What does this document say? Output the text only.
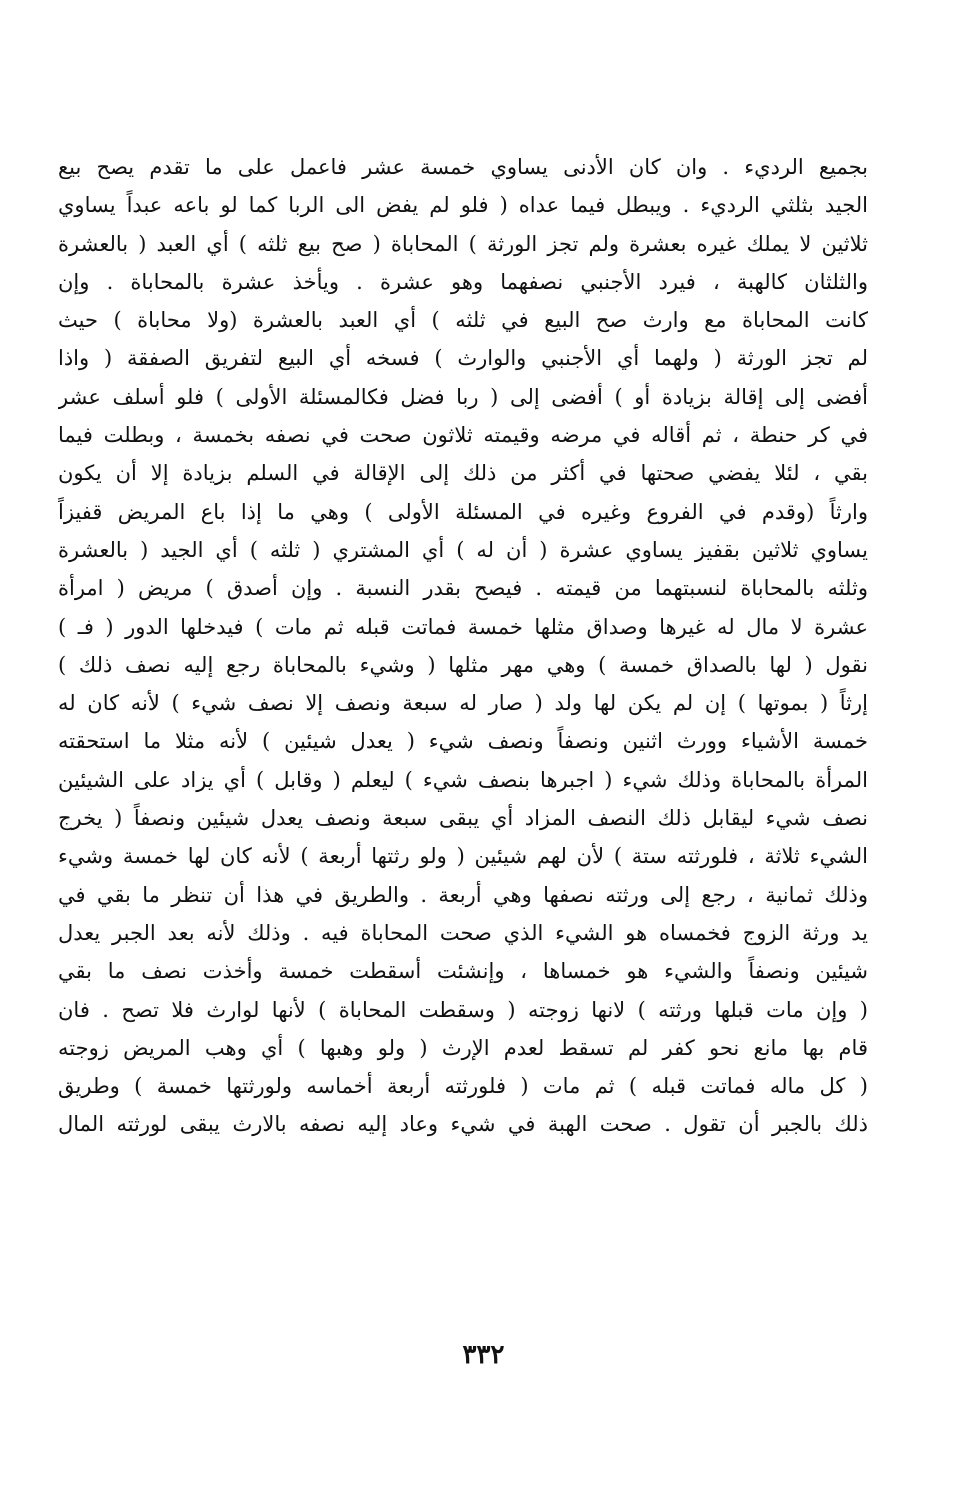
بجميع الرديء . وان كان الأدنى يساوي خمسة عشر فاعمل على ما تقدم يصح بيع
الجيد بثلثي الرديء . ويبطل فيما عداه ( فلو لم يفض الى الربا كما لو باعه عبداً يساوي
ثلاثين لا يملك غيره بعشرة ولم تجز الورثة ) المحاباة ( صح بيع ثلثه ) أي العبد ( بالعشرة
والثلثان كالهبة ، فيرد الأجنبي نصفهما وهو عشرة . ويأخذ عشرة بالمحاباة . وإن
كانت المحاباة مع وارث صح البيع في ثلثه ) أي العبد بالعشرة (ولا محاباة ) حيث
لم تجز الورثة ( ولهما أي الأجنبي والوارث ) فسخه أي البيع لتفريق الصفقة ( واذا
أفضى إلى إقالة بزيادة أو ) أفضى إلى ( ربا فضل فكالمسئلة الأولى ) فلو أسلف عشر
في كر حنطة ، ثم أقاله في مرضه وقيمته ثلاثون صحت في نصفه بخمسة ، وبطلت فيما
بقي ، لئلا يفضي صحتها في أكثر من ذلك إلى الإقالة في السلم بزيادة إلا أن يكون
وارثاً (وقدم في الفروع وغيره في المسئلة الأولى ) وهي ما إذا باع المريض قفيزاً
يساوي ثلاثين بقفيز يساوي عشرة ( أن له ) أي المشتري ( ثلثه ) أي الجيد ( بالعشرة
وثلثه بالمحاباة لنسبتهما من قيمته . فيصح بقدر النسبة . وإن أصدق ) مريض ( امرأة
عشرة لا مال له غيرها وصداق مثلها خمسة فماتت قبله ثم مات ) فيدخلها الدور ( فـ )
نقول ( لها بالصداق خمسة ) وهي مهر مثلها ( وشيء بالمحاباة رجع إليه نصف ذلك )
إرثاً ( بموتها ) إن لم يكن لها ولد ( صار له سبعة ونصف إلا نصف شيء ) لأنه كان له
خمسة الأشياء وورث اثنين ونصفاً ونصف شيء ( يعدل شيئين ) لأنه مثلا ما استحقته
المرأة بالمحاباة وذلك شيء ( اجبرها بنصف شيء ) ليعلم ( وقابل ) أي يزاد على الشيئين
نصف شيء ليقابل ذلك النصف المزاد أي يبقى سبعة ونصف يعدل شيئين ونصفاً ( يخرج
الشيء ثلاثة ، فلورثته ستة ) لأن لهم شيئين ( ولو رثتها أربعة ) لأنه كان لها خمسة وشيء
وذلك ثمانية ، رجع إلى ورثته نصفها وهي أربعة . والطريق في هذا أن تنظر ما بقي في
يد ورثة الزوج فخمساه هو الشيء الذي صحت المحاباة فيه . وذلك لأنه بعد الجبر يعدل
شيئين ونصفاً والشيء هو خمساها ، وإنشئت أسقطت خمسة وأخذت نصف ما بقي
( وإن مات قبلها ورثته ) لانها زوجته ( وسقطت المحاباة ) لأنها لوارث فلا تصح . فان
قام بها مانع نحو كفر لم تسقط لعدم الإرث ( ولو وهبها ) أي وهب المريض زوجته
( كل ماله فماتت قبله ) ثم مات ( فلورثته أربعة أخماسه ولورثتها خمسة ) وطريق
ذلك بالجبر أن تقول . صحت الهبة في شيء وعاد إليه نصفه بالارث يبقى لورثته المال
٣٣٢
